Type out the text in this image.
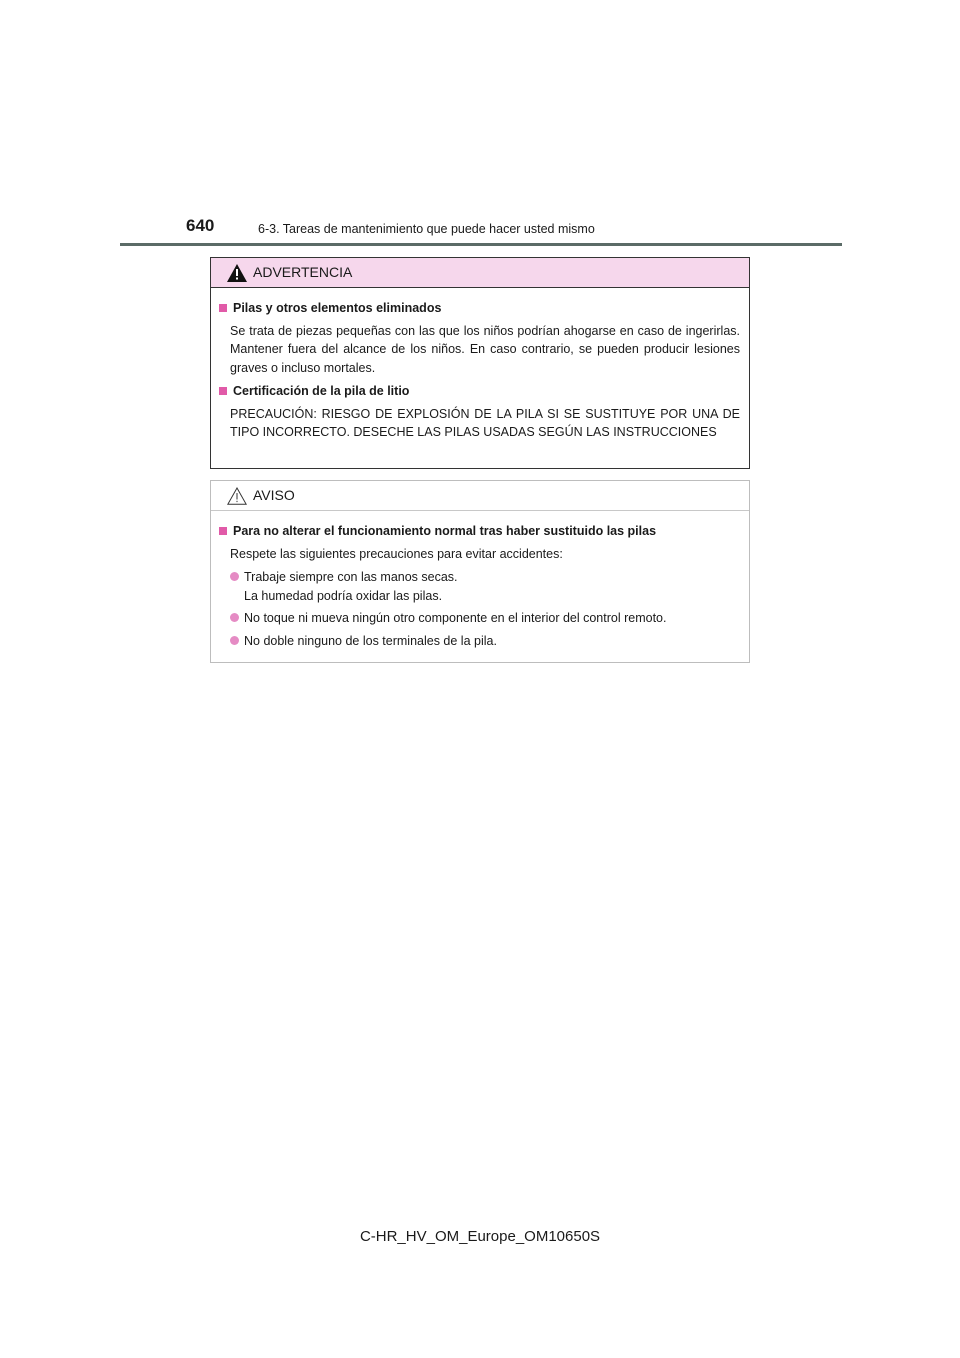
640	6-3. Tareas de mantenimiento que puede hacer usted mismo
ADVERTENCIA
Pilas y otros elementos eliminados

Se trata de piezas pequeñas con las que los niños podrían ahogarse en caso de ingerirlas. Mantener fuera del alcance de los niños. En caso contrario, se pueden producir lesiones graves o incluso mortales.

Certificación de la pila de litio

PRECAUCIÓN: RIESGO DE EXPLOSIÓN DE LA PILA SI SE SUSTITUYE POR UNA DE TIPO INCORRECTO. DESECHE LAS PILAS USADAS SEGÚN LAS INSTRUCCIONES

AVISO
Para no alterar el funcionamiento normal tras haber sustituido las pilas

Respete las siguientes precauciones para evitar accidentes:

Trabaje siempre con las manos secas.
La humedad podría oxidar las pilas.
No toque ni mueva ningún otro componente en el interior del control remoto.
No doble ninguno de los terminales de la pila.
C-HR_HV_OM_Europe_OM10650S
